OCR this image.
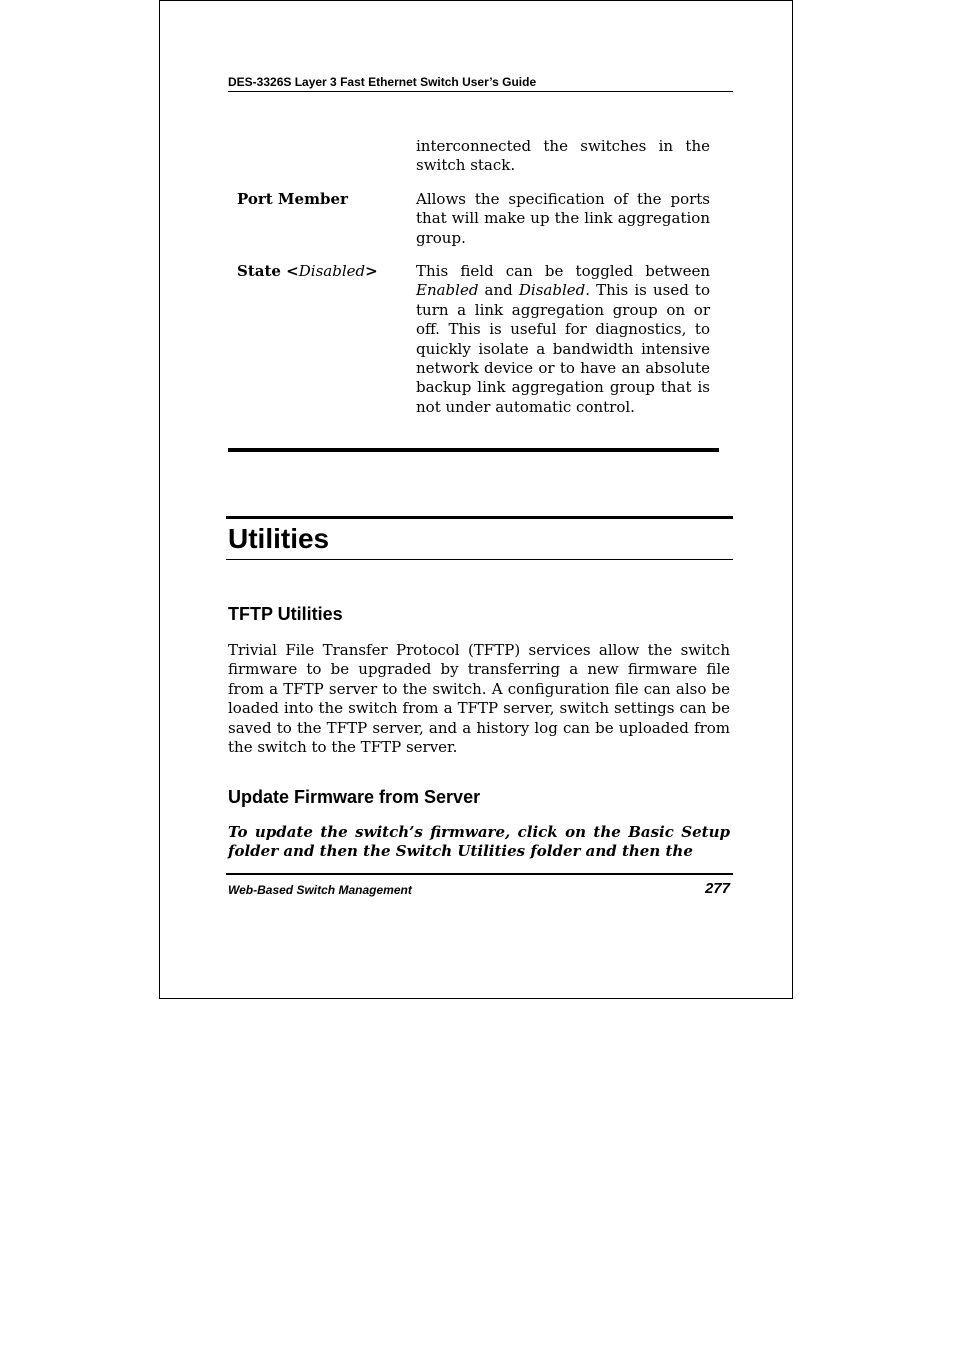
DES-3326S Layer 3 Fast Ethernet Switch User’s Guide
interconnected the switches in the switch stack.
Port Member	Allows the specification of the ports that will make up the link aggregation group.
State <Disabled>	This field can be toggled between Enabled and Disabled. This is used to turn a link aggregation group on or off. This is useful for diagnostics, to quickly isolate a bandwidth intensive network device or to have an absolute backup link aggregation group that is not under automatic control.
Utilities
TFTP Utilities
Trivial File Transfer Protocol (TFTP) services allow the switch firmware to be upgraded by transferring a new firmware file from a TFTP server to the switch. A configuration file can also be loaded into the switch from a TFTP server, switch settings can be saved to the TFTP server, and a history log can be uploaded from the switch to the TFTP server.
Update Firmware from Server
To update the switch’s firmware, click on the Basic Setup folder and then the Switch Utilities folder and then the
Web-Based Switch Management	277
